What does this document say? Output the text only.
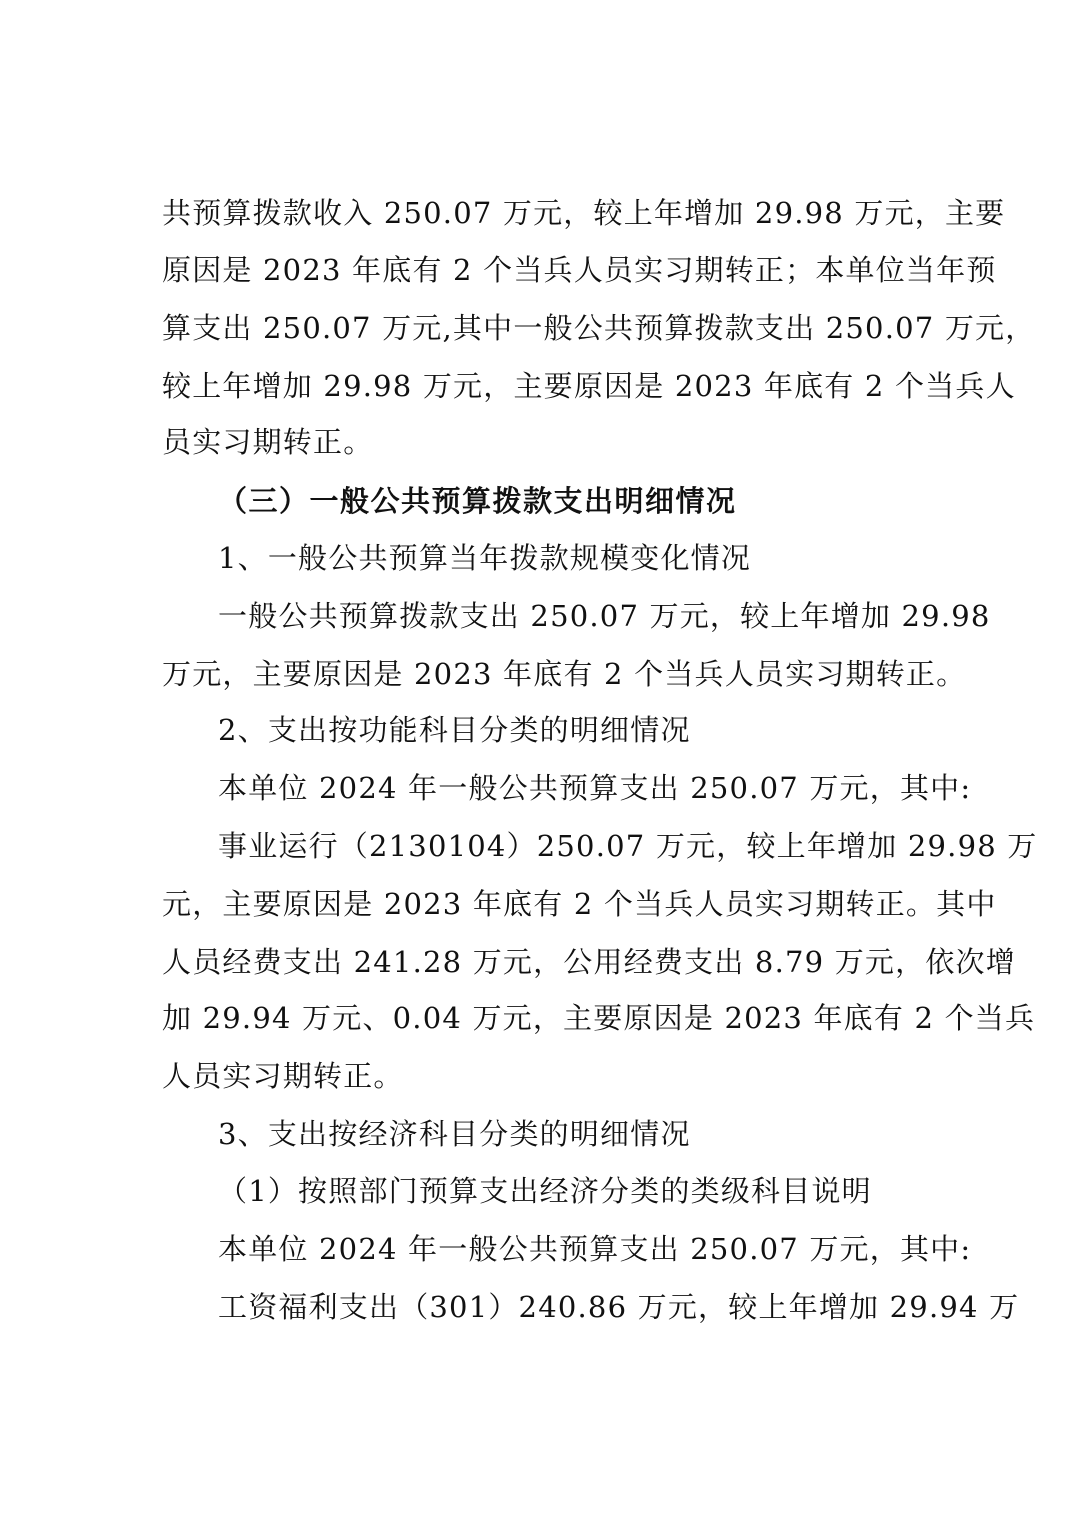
共预算拨款收入 250.07 万元，较上年增加 29.98 万元，主要
原因是 2023 年底有 2 个当兵人员实习期转正；本单位当年预
算支出 250.07 万元,其中一般公共预算拨款支出 250.07 万元，
较上年增加 29.98 万元，主要原因是 2023 年底有 2 个当兵人
员实习期转正。
（三）一般公共预算拨款支出明细情况
1、一般公共预算当年拨款规模变化情况
一般公共预算拨款支出 250.07 万元，较上年增加 29.98
万元，主要原因是 2023 年底有 2 个当兵人员实习期转正。
2、支出按功能科目分类的明细情况
本单位 2024 年一般公共预算支出 250.07 万元，其中:
事业运行（2130104）250.07 万元，较上年增加 29.98 万
元，主要原因是 2023 年底有 2 个当兵人员实习期转正。其中
人员经费支出 241.28 万元，公用经费支出 8.79 万元，依次增
加 29.94 万元、0.04 万元，主要原因是 2023 年底有 2 个当兵
人员实习期转正。
3、支出按经济科目分类的明细情况
（1）按照部门预算支出经济分类的类级科目说明
本单位 2024 年一般公共预算支出 250.07 万元，其中:
工资福利支出（301）240.86 万元，较上年增加 29.94 万
